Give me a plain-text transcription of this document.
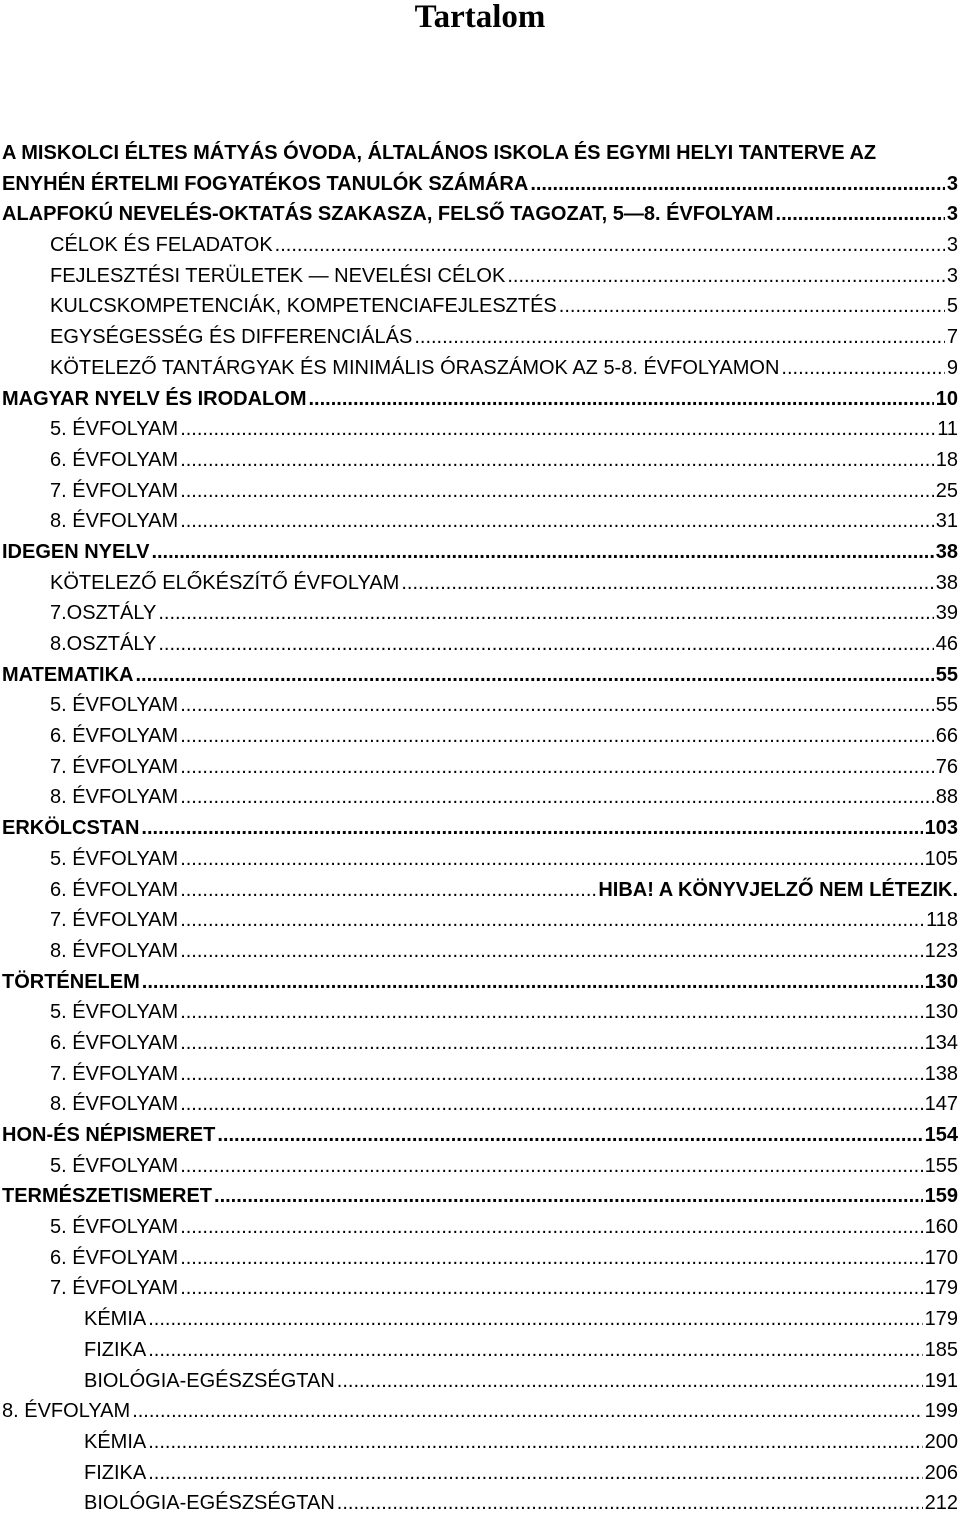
Tartalom
A MISKOLCI ÉLTES MÁTYÁS ÓVODA, ÁLTALÁNOS ISKOLA ÉS EGYMI HELYI TANTERVE AZ
ENYHÉN ÉRTELMI FOGYATÉKOS TANULÓK SZÁMÁRA .....	3
ALAPFOKÚ NEVELÉS-OKTATÁS SZAKASZA, FELSŐ TAGOZAT, 5—8. ÉVFOLYAM .....	3
CÉLOK ÉS FELADATOK .....	3
FEJLESZTÉSI TERÜLETEK — NEVELÉSI CÉLOK .....	3
KULCSKOMPETENCIÁK, KOMPETENCIAFEJLESZTÉS .....	5
EGYSÉGESSÉG ÉS DIFFERENCIÁLÁS .....	7
KÖTELEZŐ TANTÁRGYAK ÉS MINIMÁLIS ÓRASZÁMOK AZ 5-8. ÉVFOLYAMON .....	9
MAGYAR NYELV ÉS IRODALOM .....	10
5. ÉVFOLYAM .....	11
6. ÉVFOLYAM .....	18
7. ÉVFOLYAM .....	25
8. ÉVFOLYAM .....	31
IDEGEN NYELV .....	38
KÖTELEZŐ ELŐKÉSZÍTŐ ÉVFOLYAM .....	38
7.OSZTÁLY .....	39
8.OSZTÁLY .....	46
MATEMATIKA .....	55
5. ÉVFOLYAM .....	55
6. ÉVFOLYAM .....	66
7. ÉVFOLYAM .....	76
8. ÉVFOLYAM .....	88
ERKÖLCSTAN .....	103
5. ÉVFOLYAM .....	105
6. ÉVFOLYAM .....	HIBA! A KÖNYVJELZŐ NEM LÉTEZIK.
7. ÉVFOLYAM .....	118
8. ÉVFOLYAM .....	123
TÖRTÉNELEM .....	130
5. ÉVFOLYAM .....	130
6. ÉVFOLYAM .....	134
7. ÉVFOLYAM .....	138
8. ÉVFOLYAM .....	147
HON-ÉS NÉPISMERET .....	154
5. ÉVFOLYAM .....	155
TERMÉSZETISMERET .....	159
5. ÉVFOLYAM .....	160
6. ÉVFOLYAM .....	170
7. ÉVFOLYAM .....	179
KÉMIA .....	179
FIZIKA .....	185
BIOLÓGIA-EGÉSZSÉGTAN .....	191
8. ÉVFOLYAM .....	199
KÉMIA .....	200
FIZIKA .....	206
BIOLÓGIA-EGÉSZSÉGTAN .....	212
